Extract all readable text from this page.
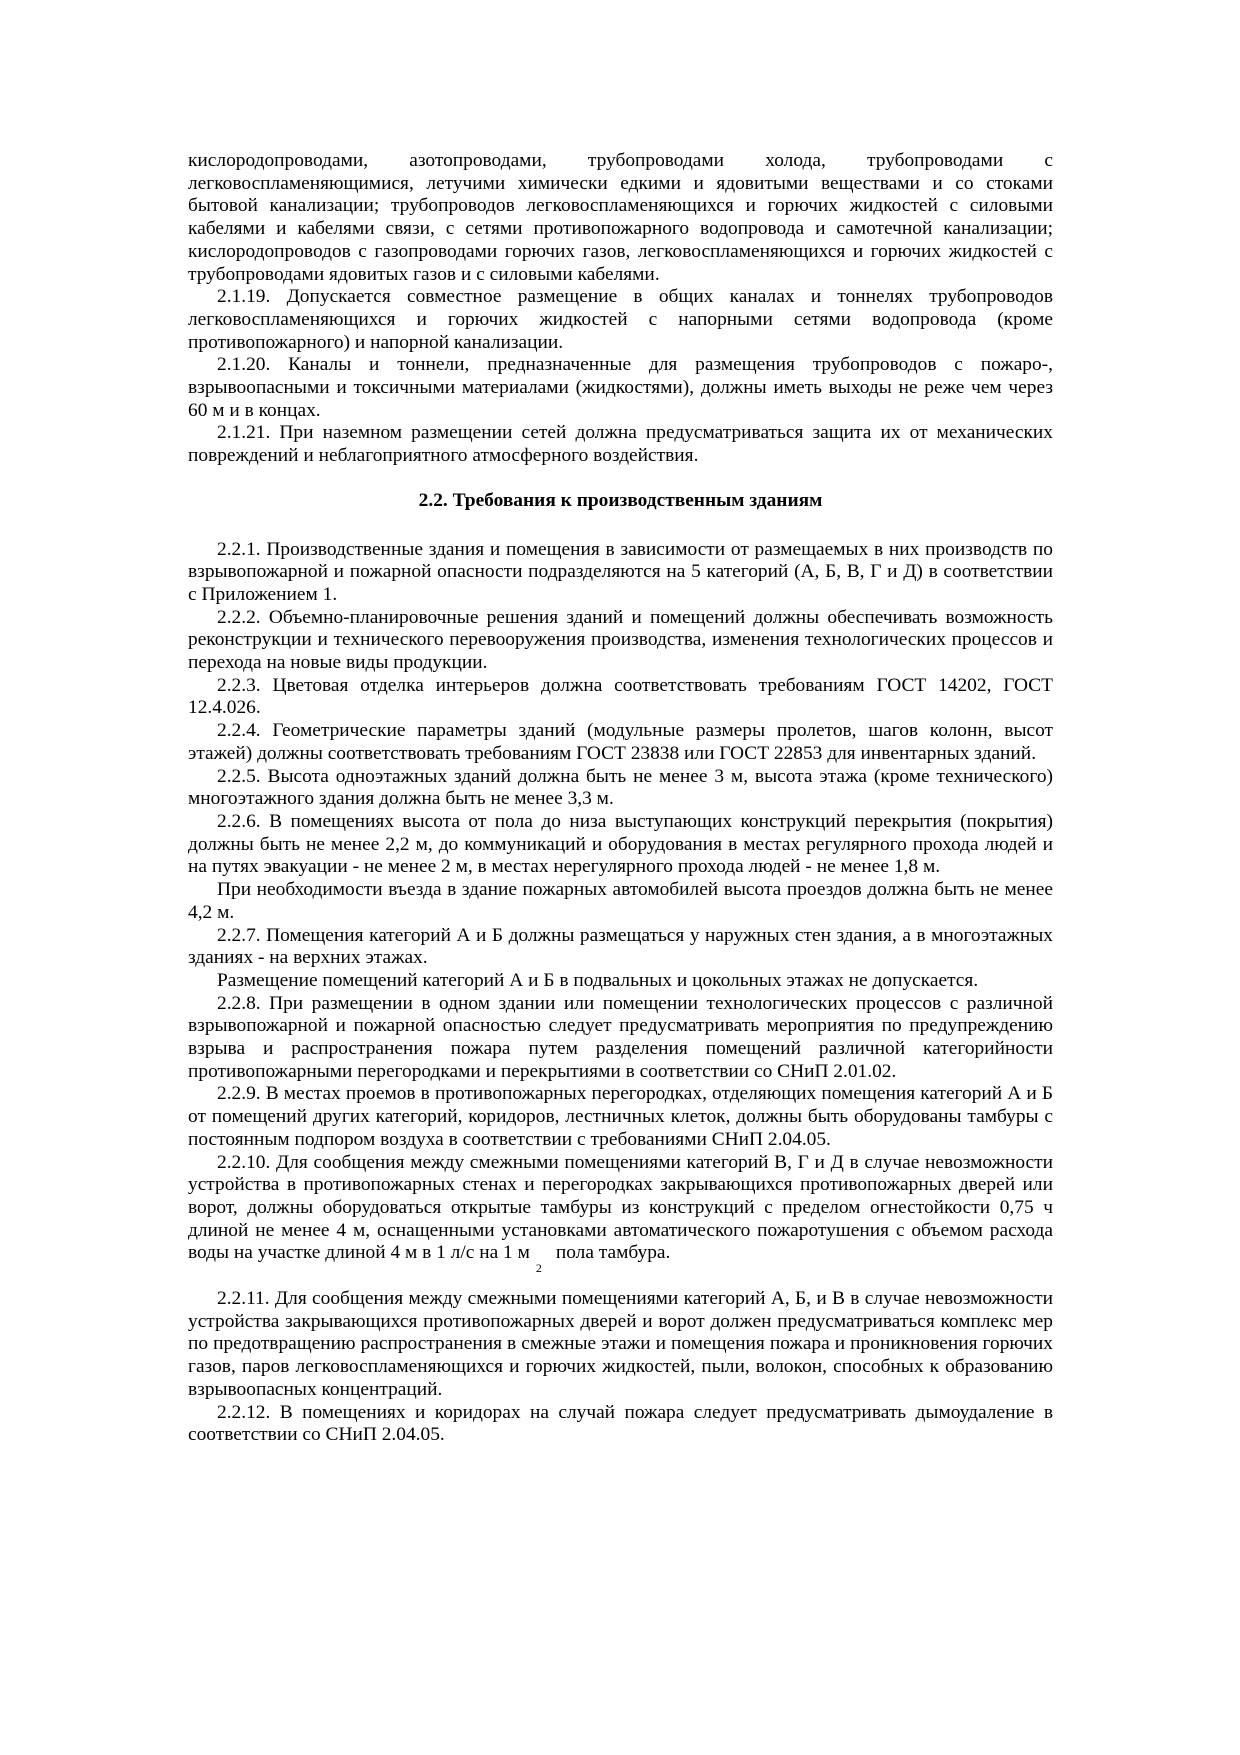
кислородопроводами, азотопроводами, трубопроводами холода, трубопроводами с легковоспламеняющимися, летучими химически едкими и ядовитыми веществами и со стоками бытовой канализации; трубопроводов легковоспламеняющихся и горючих жидкостей с силовыми кабелями и кабелями связи, с сетями противопожарного водопровода и самотечной канализации; кислородопроводов с газопроводами горючих газов, легковоспламеняющихся и горючих жидкостей с трубопроводами ядовитых газов и с силовыми кабелями.

2.1.19. Допускается совместное размещение в общих каналах и тоннелях трубопроводов легковоспламеняющихся и горючих жидкостей с напорными сетями водопровода (кроме противопожарного) и напорной канализации.

2.1.20. Каналы и тоннели, предназначенные для размещения трубопроводов с пожаро-, взрывоопасными и токсичными материалами (жидкостями), должны иметь выходы не реже чем через 60 м и в концах.

2.1.21. При наземном размещении сетей должна предусматриваться защита их от механических повреждений и неблагоприятного атмосферного воздействия.

2.2. Требования к производственным зданиям

2.2.1. Производственные здания и помещения в зависимости от размещаемых в них производств по взрывопожарной и пожарной опасности подразделяются на 5 категорий (А, Б, В, Г и Д) в соответствии с Приложением 1.

2.2.2. Объемно-планировочные решения зданий и помещений должны обеспечивать возможность реконструкции и технического перевооружения производства, изменения технологических процессов и перехода на новые виды продукции.

2.2.3. Цветовая отделка интерьеров должна соответствовать требованиям ГОСТ 14202, ГОСТ 12.4.026.

2.2.4. Геометрические параметры зданий (модульные размеры пролетов, шагов колонн, высот этажей) должны соответствовать требованиям ГОСТ 23838 или ГОСТ 22853 для инвентарных зданий.

2.2.5. Высота одноэтажных зданий должна быть не менее 3 м, высота этажа (кроме технического) многоэтажного здания должна быть не менее 3,3 м.

2.2.6. В помещениях высота от пола до низа выступающих конструкций перекрытия (покрытия) должны быть не менее 2,2 м, до коммуникаций и оборудования в местах регулярного прохода людей и на путях эвакуации - не менее 2 м, в местах нерегулярного прохода людей - не менее 1,8 м.

При необходимости въезда в здание пожарных автомобилей высота проездов должна быть не менее 4,2 м.

2.2.7. Помещения категорий А и Б должны размещаться у наружных стен здания, а в многоэтажных зданиях - на верхних этажах.

Размещение помещений категорий А и Б в подвальных и цокольных этажах не допускается.

2.2.8. При размещении в одном здании или помещении технологических процессов с различной взрывопожарной и пожарной опасностью следует предусматривать мероприятия по предупреждению взрыва и распространения пожара путем разделения помещений различной категорийности противопожарными перегородками и перекрытиями в соответствии со СНиП 2.01.02.

2.2.9. В местах проемов в противопожарных перегородках, отделяющих помещения категорий А и Б от помещений других категорий, коридоров, лестничных клеток, должны быть оборудованы тамбуры с постоянным подпором воздуха в соответствии с требованиями СНиП 2.04.05.

2.2.10. Для сообщения между смежными помещениями категорий В, Г и Д в случае невозможности устройства в противопожарных стенах и перегородках закрывающихся противопожарных дверей или ворот, должны оборудоваться открытые тамбуры из конструкций с пределом огнестойкости 0,75 ч длиной не менее 4 м, оснащенными установками автоматического пожаротушения с объемом расхода воды на участке длиной 4 м в 1 л/с на 1 $м_2пола$ тамбура.

2.2.11. Для сообщения между смежными помещениями категорий А, Б, и В в случае невозможности устройства закрывающихся противопожарных дверей и ворот должен предусматриваться комплекс мер по предотвращению распространения в смежные этажи и помещения пожара и проникновения горючих газов, паров легковоспламеняющихся и горючих жидкостей, пыли, волокон, способных к образованию взрывоопасных концентраций.

2.2.12. В помещениях и коридорах на случай пожара следует предусматривать дымоудаление в соответствии со СНиП 2.04.05.
